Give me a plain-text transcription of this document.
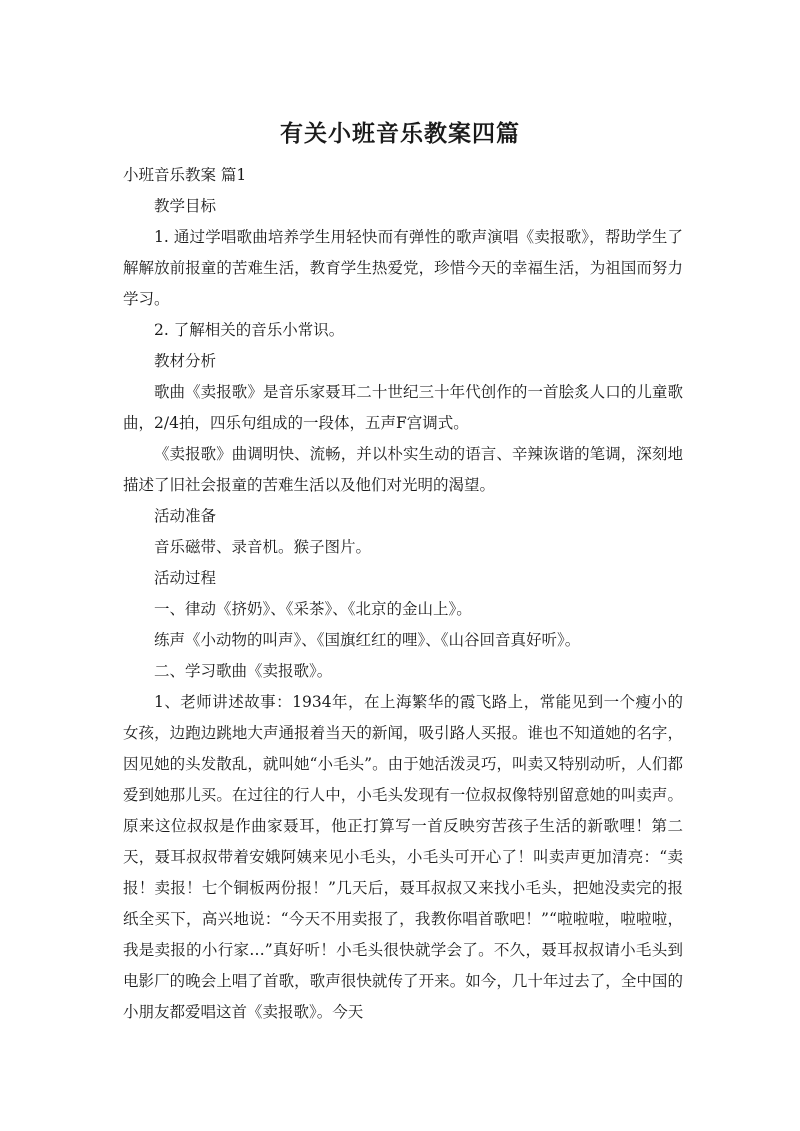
有关小班音乐教案四篇

小班音乐教案 篇1

教学目标

1. 通过学唱歌曲培养学生用轻快而有弹性的歌声演唱《卖报歌》，帮助学生了解解放前报童的苦难生活，教育学生热爱党，珍惜今天的幸福生活，为祖国而努力学习。

2. 了解相关的音乐小常识。

教材分析

歌曲《卖报歌》是音乐家聂耳二十世纪三十年代创作的一首脍炙人口的儿童歌曲，2/4拍，四乐句组成的一段体，五声F宫调式。

《卖报歌》曲调明快、流畅，并以朴实生动的语言、辛辣诙谐的笔调，深刻地描述了旧社会报童的苦难生活以及他们对光明的渴望。

活动准备

音乐磁带、录音机。猴子图片。

活动过程

一、律动《挤奶》、《采茶》、《北京的金山上》。

练声《小动物的叫声》、《国旗红红的哩》、《山谷回音真好听》。

二、学习歌曲《卖报歌》。

1、老师讲述故事：1934年，在上海繁华的霞飞路上，常能见到一个瘦小的女孩，边跑边跳地大声通报着当天的新闻，吸引路人买报。谁也不知道她的名字，因见她的头发散乱，就叫她“小毛头”。由于她活泼灵巧，叫卖又特别动听，人们都爱到她那儿买。在过往的行人中，小毛头发现有一位叔叔像特别留意她的叫卖声。原来这位叔叔是作曲家聂耳，他正打算写一首反映穷苦孩子生活的新歌哩！第二天，聂耳叔叔带着安娥阿姨来见小毛头，小毛头可开心了！叫卖声更加清亮：“卖报！卖报！七个铜板两份报！”几天后，聂耳叔叔又来找小毛头，把她没卖完的报纸全买下，高兴地说：“今天不用卖报了，我教你唱首歌吧！”“啦啦啦，啦啦啦，我是卖报的小行家…”真好听！小毛头很快就学会了。不久，聂耳叔叔请小毛头到电影厂的晚会上唱了首歌，歌声很快就传了开来。如今，几十年过去了，全中国的小朋友都爱唱这首《卖报歌》。今天
